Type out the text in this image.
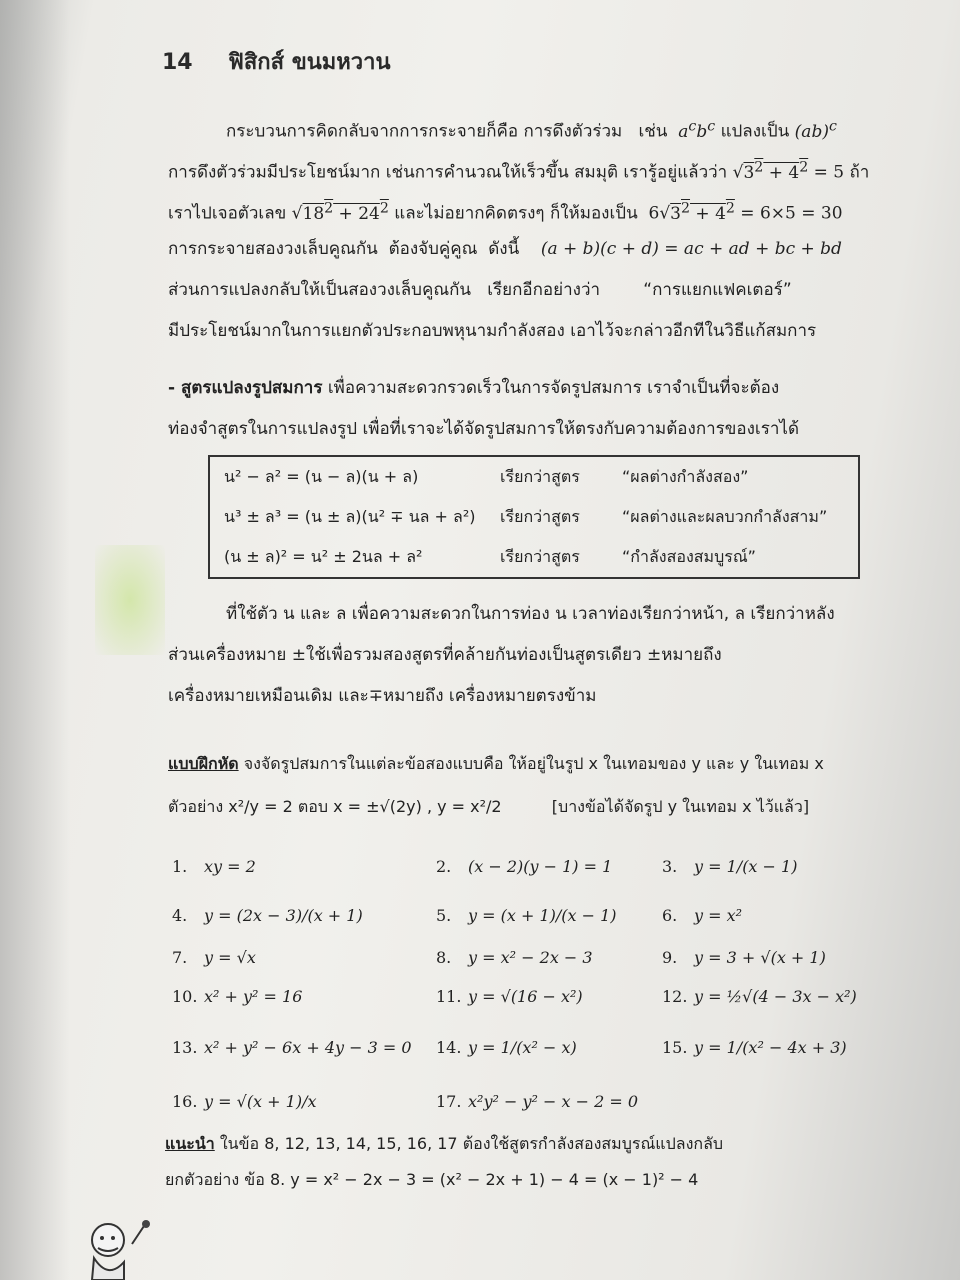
14 ฟิสิกส์ ขนมหวาน
กระบวนการคิดกลับจากการกระจายก็คือ การดึงตัวร่วม   เช่น  $a^cb^c$ แปลงเป็น (ab)$^c$
การดึงตัวร่วมมีประโยชน์มาก เช่นการคำนวณให้เร็วขึ้น สมมุติ เรารู้อยู่แล้วว่า $√3^2 + 4^2 = 5$ ถ้า
เราไปเจอตัวเลข $√18^2 + 24^2$ และไม่อยากคิดตรงๆ ก็ให้มองเป็น $6√3^2 + 4^2 = 6\times 5 = 30$
การกระจายสองวงเล็บคูณกัน  ต้องจับคู่คูณ  ดังนี้    (a + b)(c + d) = ac + ad + bc + bd
ส่วนการแปลงกลับให้เป็นสองวงเล็บคูณกัน   เรียกอีกอย่างว่า        “การแยกแฟคเตอร์”
มีประโยชน์มากในการแยกตัวประกอบพหุนามกำลังสอง เอาไว้จะกล่าวอีกทีในวิธีแก้สมการ
- สูตรแปลงรูปสมการ เพื่อความสะดวกรวดเร็วในการจัดรูปสมการ เราจำเป็นที่จะต้อง
ท่องจำสูตรในการแปลงรูป เพื่อที่เราจะได้จัดรูปสมการให้ตรงกับความต้องการของเราได้
น² − ล² = (น − ล)(น + ล)	เรียกว่าสูตร	“ผลต่างกำลังสอง”
น³ ± ล³ = (น ± ล)(น² ∓ นล + ล²) เรียกว่าสูตร	“ผลต่างและผลบวกกำลังสาม”
(น ± ล)² = น² ± 2นล + ล²	เรียกว่าสูตร	“กำลังสองสมบูรณ์”
ที่ใช้ตัว น และ ล เพื่อความสะดวกในการท่อง น เวลาท่องเรียกว่าหน้า, ล เรียกว่าหลัง
ส่วนเครื่องหมาย ±ใช้เพื่อรวมสองสูตรที่คล้ายกันท่องเป็นสูตรเดียว ±หมายถึง
เครื่องหมายเหมือนเดิม และ∓หมายถึง เครื่องหมายตรงข้าม
แบบฝึกหัด จงจัดรูปสมการในแต่ละข้อสองแบบคือ ให้อยู่ในรูป x ในเทอมของ y และ y ในเทอม x
ตัวอย่าง x²/y = 2 ตอบ x = ±√(2y) , y = x²/2	[บางข้อได้จัดรูป y ในเทอม x ไว้แล้ว]
1. xy = 2	2. (x − 2)(y − 1) = 1	3. y = 1/(x − 1)
4. y = (2x − 3)/(x + 1)	5. y = (x + 1)/(x − 1)	6. y = x²
7. y = √x	8. y = x² − 2x − 3	9. y = 3 + √(x + 1)
10. x² + y² = 16	11. y = √(16 − x²)	12. y = ½√(4 − 3x − x²)
13. x² + y² − 6x + 4y − 3 = 0 14. y = 1/(x² − x)	15. y = 1/(x² − 4x + 3)
16. y = √(x + 1)/x	17. x²y² − y² − x − 2 = 0
แนะนำ ในข้อ 8, 12, 13, 14, 15, 16, 17 ต้องใช้สูตรกำลังสองสมบูรณ์แปลงกลับ
ยกตัวอย่าง ข้อ 8. y = x² − 2x − 3 = (x² − 2x + 1) − 4 = (x − 1)² − 4
